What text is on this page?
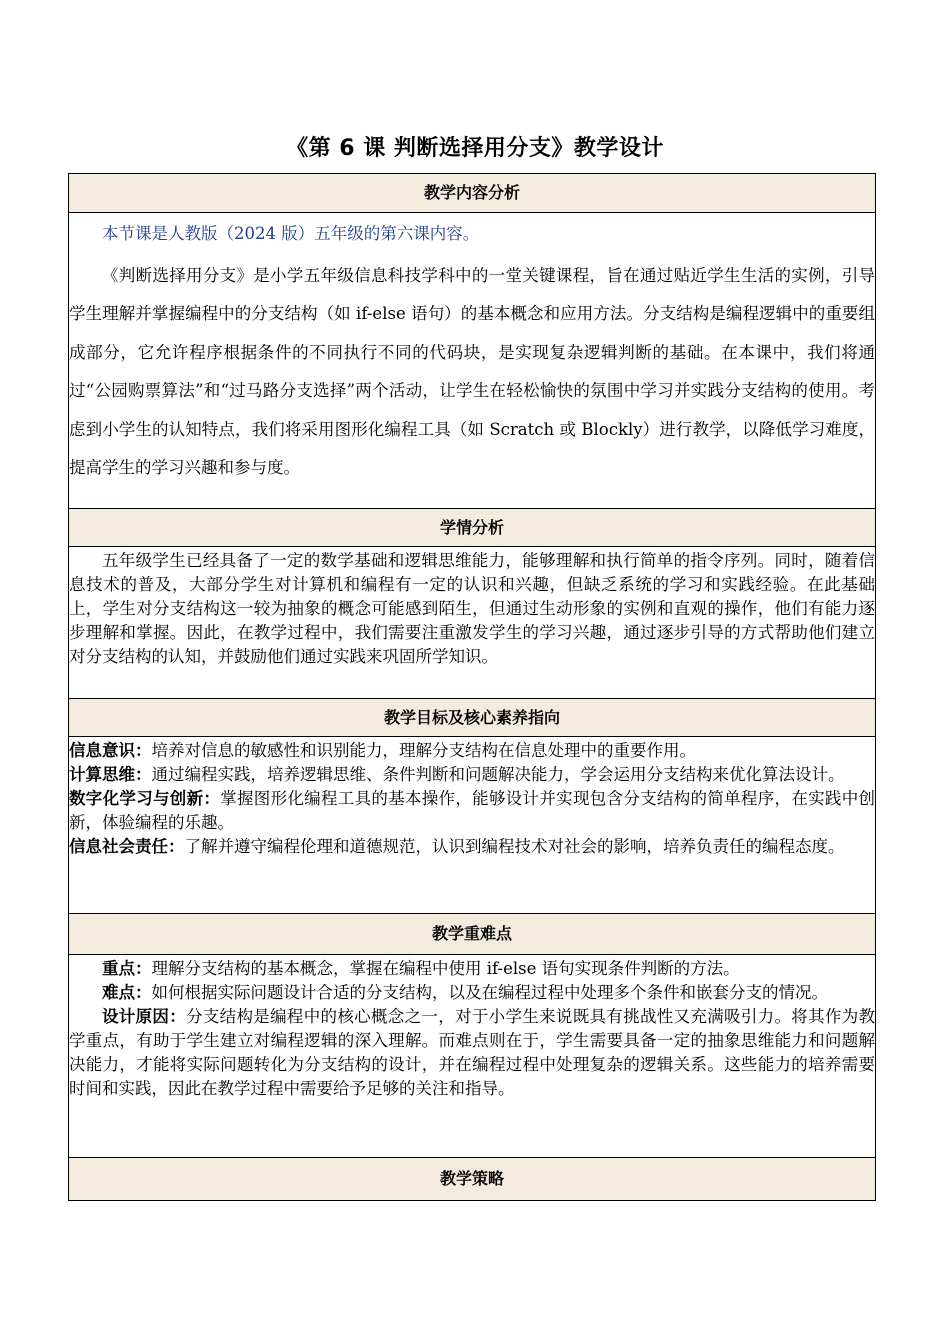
《第 6 课 判断选择用分支》教学设计
教学内容分析

本节课是人教版（2024 版）五年级的第六课内容。

《判断选择用分支》是小学五年级信息科技学科中的一堂关键课程，旨在通过贴近学生生活的实例，引导学生理解并掌握编程中的分支结构（如 if-else 语句）的基本概念和应用方法。分支结构是编程逻辑中的重要组成部分，它允许程序根据条件的不同执行不同的代码块，是实现复杂逻辑判断的基础。在本课中，我们将通过“公园购票算法”和“过马路分支选择”两个活动，让学生在轻松愉快的氛围中学习并实践分支结构的使用。考虑到小学生的认知特点，我们将采用图形化编程工具（如 Scratch 或 Blockly）进行教学，以降低学习难度，提高学生的学习兴趣和参与度。

学情分析

五年级学生已经具备了一定的数学基础和逻辑思维能力，能够理解和执行简单的指令序列。同时，随着信息技术的普及，大部分学生对计算机和编程有一定的认识和兴趣，但缺乏系统的学习和实践经验。在此基础上，学生对分支结构这一较为抽象的概念可能感到陌生，但通过生动形象的实例和直观的操作，他们有能力逐步理解和掌握。因此，在教学过程中，我们需要注重激发学生的学习兴趣，通过逐步引导的方式帮助他们建立对分支结构的认知，并鼓励他们通过实践来巩固所学知识。

教学目标及核心素养指向

信息意识：培养对信息的敏感性和识别能力，理解分支结构在信息处理中的重要作用。

计算思维：通过编程实践，培养逻辑思维、条件判断和问题解决能力，学会运用分支结构来优化算法设计。

数字化学习与创新：掌握图形化编程工具的基本操作，能够设计并实现包含分支结构的简单程序，在实践中创新，体验编程的乐趣。

信息社会责任：了解并遵守编程伦理和道德规范，认识到编程技术对社会的影响，培养负责任的编程态度。

教学重难点

重点：理解分支结构的基本概念，掌握在编程中使用 if-else 语句实现条件判断的方法。

难点：如何根据实际问题设计合适的分支结构，以及在编程过程中处理多个条件和嵌套分支的情况。

设计原因：分支结构是编程中的核心概念之一，对于小学生来说既具有挑战性又充满吸引力。将其作为教学重点，有助于学生建立对编程逻辑的深入理解。而难点则在于，学生需要具备一定的抽象思维能力和问题解决能力，才能将实际问题转化为分支结构的设计，并在编程过程中处理复杂的逻辑关系。这些能力的培养需要时间和实践，因此在教学过程中需要给予足够的关注和指导。

教学策略
